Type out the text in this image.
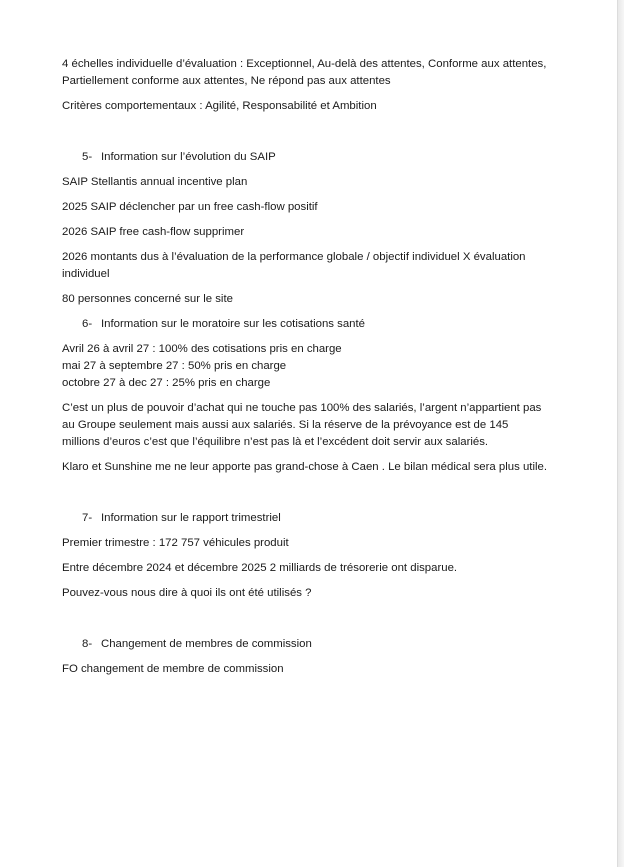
4 échelles individuelle d’évaluation : Exceptionnel, Au-delà des attentes, Conforme aux attentes, Partiellement conforme aux attentes, Ne répond pas aux attentes

Critères comportementaux : Agilité, Responsabilité et Ambition

5- Information sur l’évolution du SAIP

SAIP Stellantis annual incentive plan

2025 SAIP déclencher par un free cash-flow positif

2026 SAIP free cash-flow supprimer

2026 montants dus à l’évaluation de la performance globale / objectif individuel X évaluation individuel

80 personnes concerné sur le site

6- Information sur le moratoire sur les cotisations santé

Avril 26 à avril 27 : 100% des cotisations pris en charge

mai 27 à septembre 27 : 50% pris en charge

octobre 27 à dec 27 : 25% pris en charge

C’est un plus de pouvoir d’achat qui ne touche pas 100% des salariés, l’argent n’appartient pas au Groupe seulement mais aussi aux salariés. Si la réserve de la prévoyance est de 145 millions d’euros c’est que l’équilibre n’est pas là et l’excédent doit servir aux salariés.

Klaro et Sunshine me ne leur apporte pas grand-chose à Caen . Le bilan médical sera plus utile.

7- Information sur le rapport trimestriel

Premier trimestre : 172 757 véhicules produit

Entre décembre 2024 et décembre 2025 2 milliards de trésorerie ont disparue.

Pouvez-vous nous dire à quoi ils ont été utilisés ?

8- Changement de membres de commission

FO changement de membre de commission
